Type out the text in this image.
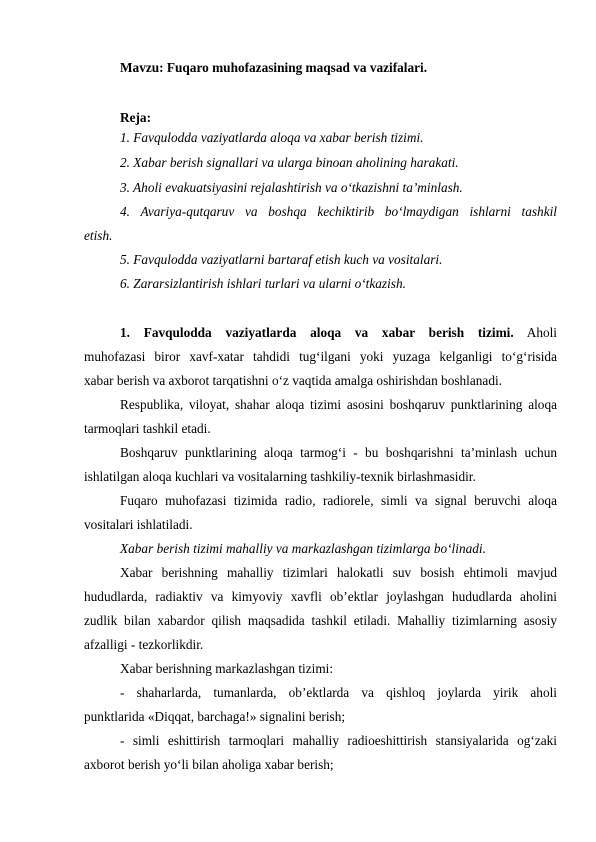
Mavzu: Fuqaro muhofazasining maqsad va vazifalari.
Reja:
1. Favqulodda vaziyatlarda aloqa va xabar berish tizimi.
2. Xabar berish signallari va ularga binoan aholining harakati.
3. Aholi evakuatsiyasini rejalashtirish va o‘tkazishni ta’minlash.
4. Avariya-qutqaruv va boshqa kechiktirib bo‘lmaydigan ishlarni tashkil
etish.
5. Favqulodda vaziyatlarni bartaraf etish kuch va vositalari.
6. Zararsizlantirish ishlari turlari va ularni o‘tkazish.
1. Favqulodda vaziyatlarda aloqa va xabar berish tizimi. Aholi
muhofazasi biror xavf-xatar tahdidi tug‘ilgani yoki yuzaga kelganligi to‘g‘risida
xabar berish va axborot tarqatishni o‘z vaqtida amalga oshirishdan boshlanadi.
Respublika, viloyat, shahar aloqa tizimi asosini boshqaruv punktlarining aloqa
tarmoqlari tashkil etadi.
Boshqaruv punktlarining aloqa tarmog‘i - bu boshqarishni ta’minlash uchun
ishlatilgan aloqa kuchlari va vositalarning tashkiliy-texnik birlashmasidir.
Fuqaro muhofazasi tizimida radio, radiorele, simli va signal beruvchi aloqa
vositalari ishlatiladi.
Xabar berish tizimi mahalliy va markazlashgan tizimlarga bo‘linadi.
Xabar berishning mahalliy tizimlari halokatli suv bosish ehtimoli mavjud
hududlarda, radiaktiv va kimyoviy xavfli ob’ektlar joylashgan hududlarda aholini
zudlik bilan xabardor qilish maqsadida tashkil etiladi. Mahalliy tizimlarning asosiy
afzalligi - tezkorlikdir.
Xabar berishning markazlashgan tizimi:
- shaharlarda, tumanlarda, ob’ektlarda va qishloq joylarda yirik aholi
punktlarida «Diqqat, barchaga!» signalini berish;
- simli eshittirish tarmoqlari mahalliy radioeshittirish stansiyalarida og‘zaki
axborot berish yo‘li bilan aholiga xabar berish;
